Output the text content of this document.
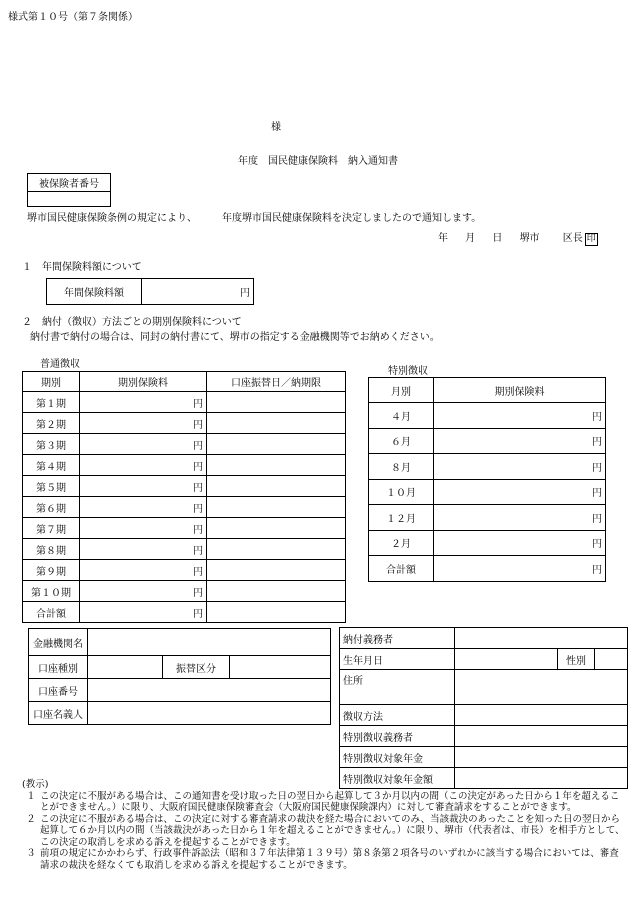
様式第１０号（第７条関係）
様
年度　国民健康保険料　納入通知書
被保険者番号

堺市国民健康保険条例の規定により、　　　年度堺市国民健康保険料を決定しましたので通知します。
年 月 日 堺市 区長 印
１　年間保険料額について
年間保険料額	円
２　納付（徴収）方法ごとの期別保険料について
納付書で納付の場合は、同封の納付書にて、堺市の指定する金融機関等でお納めください。
普通徴収
期別	期別保険料	口座振替日／納期限
第１期	円	
第２期	円	
第３期	円	
第４期	円	
第５期	円	
第６期	円	
第７期	円	
第８期	円	
第９期	円	
第１０期	円	
合計額	円	
特別徴収
月別	期別保険料
４月	円
６月	円
８月	円
１０月	円
１２月	円
２月	円
合計額	円
金融機関名			
口座種別		振替区分	
口座番号			
口座名義人			
納付義務者			
生年月日		性別	
住所			
徴収方法			
特別徴収義務者			
特別徴収対象年金			
特別徴収対象年金額			
(教示)
１ この決定に不服がある場合は、この通知書を受け取った日の翌日から起算して３か月以内の間（この決定があった日から１年を超えることができません。）に限り、大阪府国民健康保険審査会（大阪府国民健康保険課内）に対して審査請求をすることができます。
２ この決定に不服がある場合は、この決定に対する審査請求の裁決を経た場合においてのみ、当該裁決のあったことを知った日の翌日から起算して６か月以内の間（当該裁決があった日から１年を超えることができません。）に限り、堺市（代表者は、市長）を相手方として、この決定の取消しを求める訴えを提起することができます。
３ 前項の規定にかかわらず、行政事件訴訟法（昭和３７年法律第１３９号）第８条第２項各号のいずれかに該当する場合においては、審査請求の裁決を経なくても取消しを求める訴えを提起することができます。
